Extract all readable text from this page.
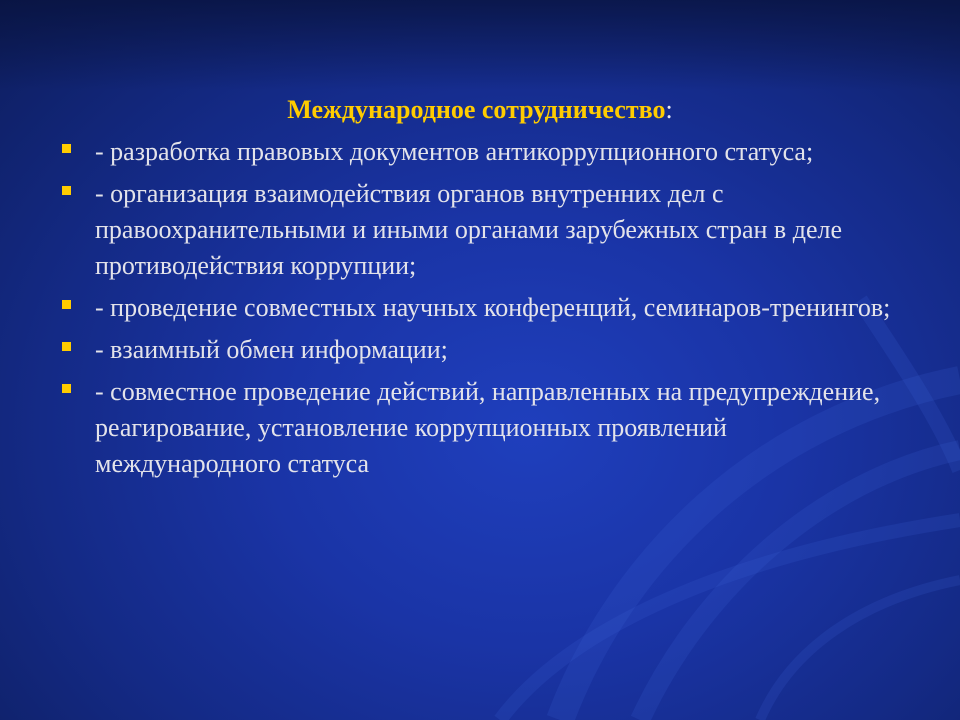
Международное сотрудничество:
- разработка правовых документов антикоррупционного статуса;
- организация взаимодействия органов внутренних дел с правоохранительными и иными органами зарубежных стран в деле противодействия коррупции;
- проведение совместных научных конференций, семинаров-тренингов;
- взаимный обмен информации;
- совместное проведение действий, направленных на предупреждение, реагирование, установление коррупционных проявлений международного статуса
